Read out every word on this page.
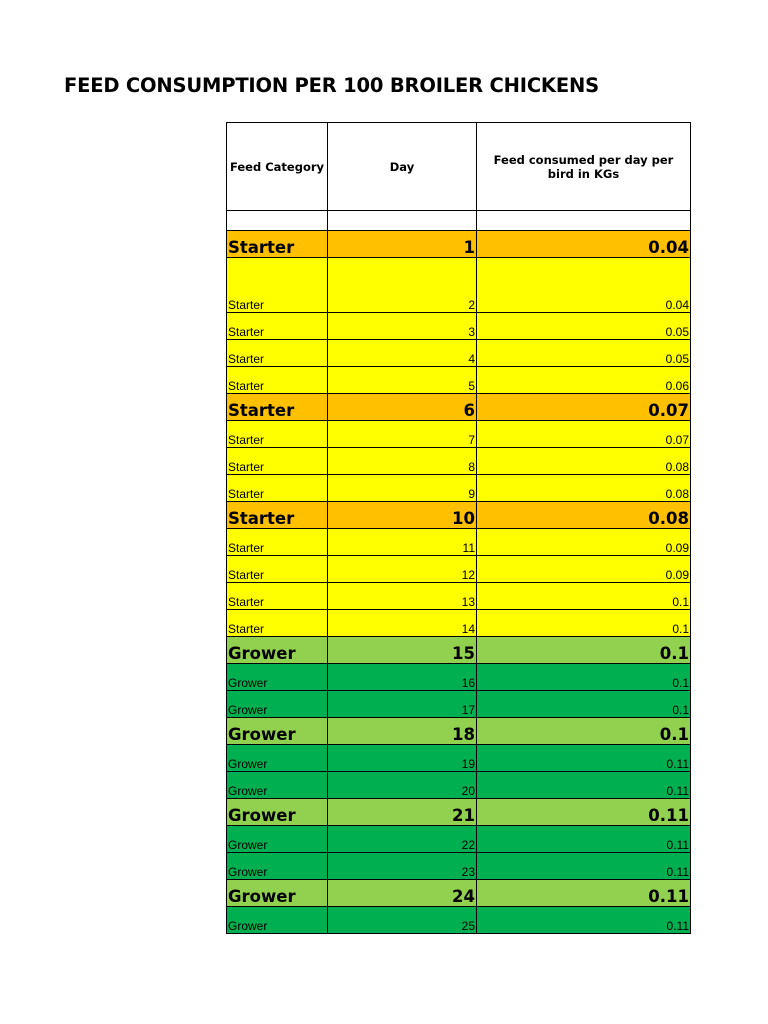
FEED CONSUMPTION PER 100 BROILER CHICKENS
Feed Category	Day	Feed consumed per day per bird in KGs

Starter	1	0.04
Starter	2	0.04
Starter	3	0.05
Starter	4	0.05
Starter	5	0.06
Starter	6	0.07
Starter	7	0.07
Starter	8	0.08
Starter	9	0.08
Starter	10	0.08
Starter	11	0.09
Starter	12	0.09
Starter	13	0.1
Starter	14	0.1
Grower	15	0.1
Grower	16	0.1
Grower	17	0.1
Grower	18	0.1
Grower	19	0.11
Grower	20	0.11
Grower	21	0.11
Grower	22	0.11
Grower	23	0.11
Grower	24	0.11
Grower	25	0.11
